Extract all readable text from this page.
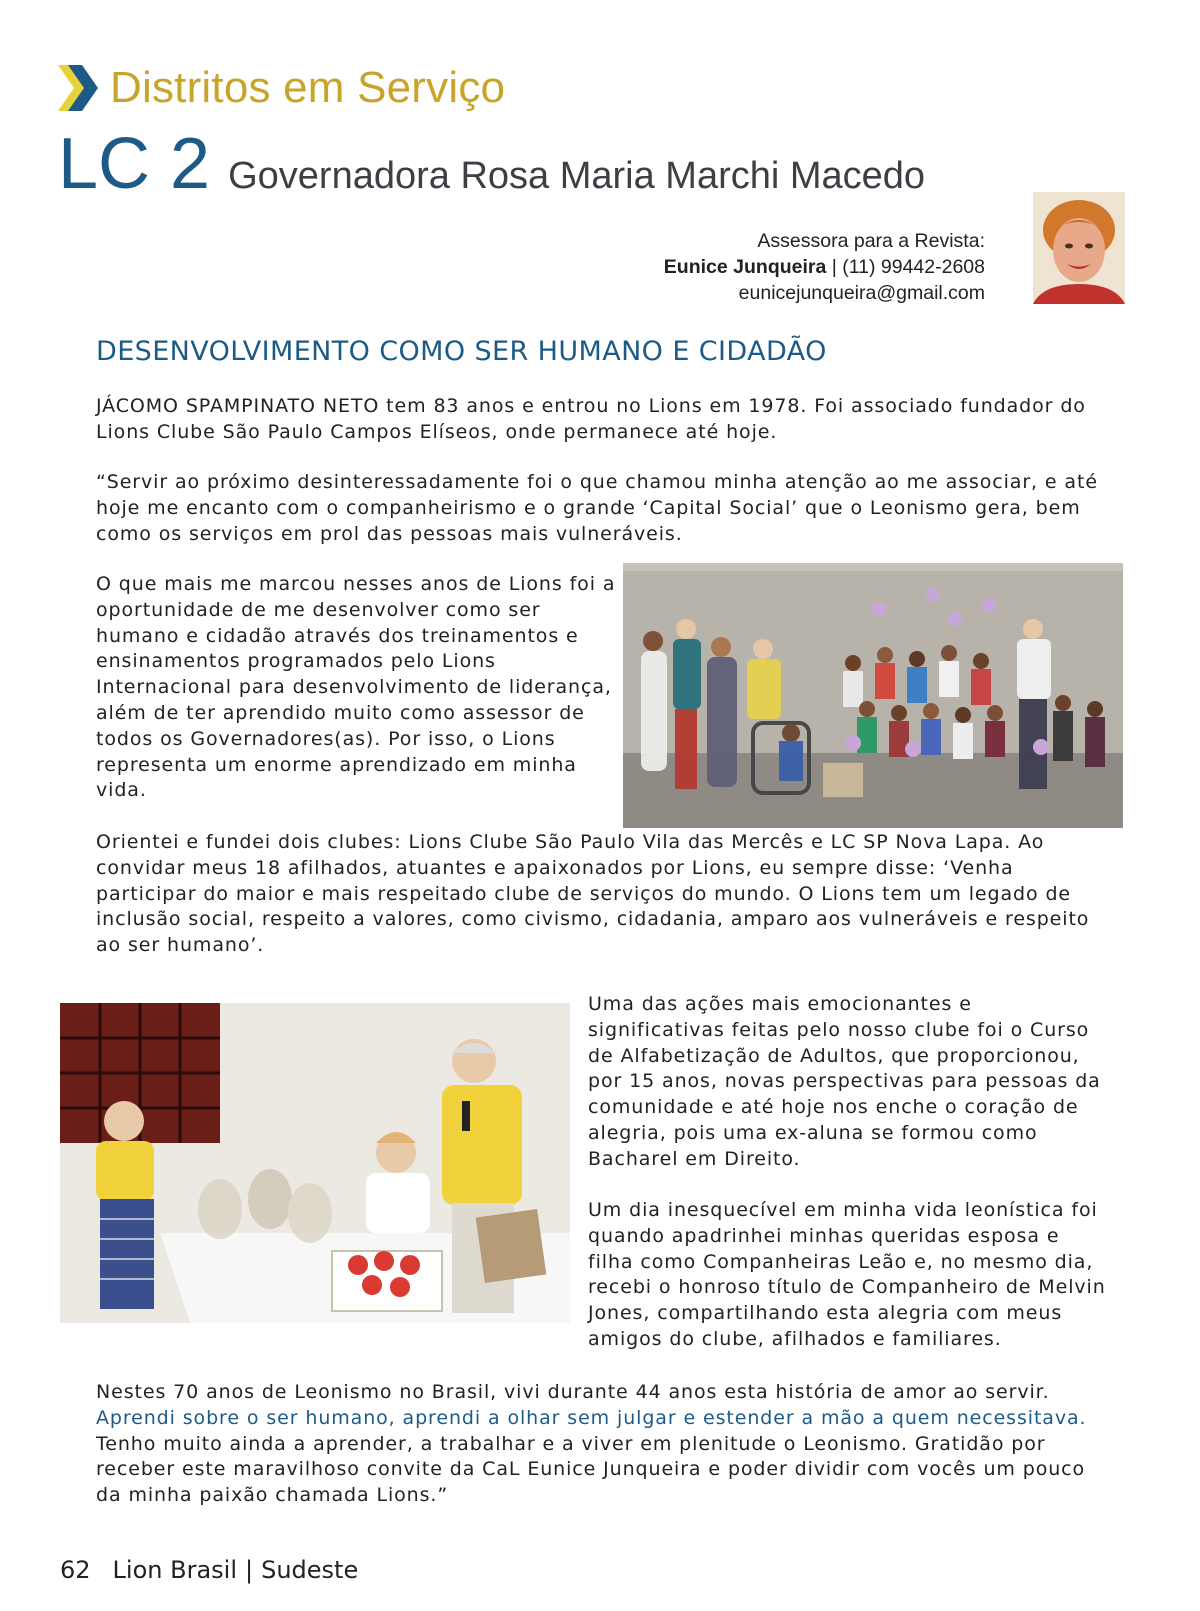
Distritos em Serviço
LC 2 Governadora Rosa Maria Marchi Macedo
Assessora para a Revista:
Eunice Junqueira | (11) 99442-2608
eunicejunqueira@gmail.com
DESENVOLVIMENTO COMO SER HUMANO E CIDADÃO

JÁCOMO SPAMPINATO NETO tem 83 anos e entrou no Lions em 1978. Foi associado fundador do Lions Clube São Paulo Campos Elíseos, onde permanece até hoje.

“Servir ao próximo desinteressadamente foi o que chamou minha atenção ao me associar, e até hoje me encanto com o companheirismo e o grande ‘Capital Social’ que o Leonismo gera, bem como os serviços em prol das pessoas mais vulneráveis.

O que mais me marcou nesses anos de Lions foi a oportunidade de me desenvolver como ser humano e cidadão através dos treinamentos e ensinamentos programados pelo Lions Internacional para desenvolvimento de liderança, além de ter aprendido muito como assessor de todos os Governadores(as). Por isso, o Lions representa um enorme aprendizado em minha vida.

Orientei e fundei dois clubes: Lions Clube São Paulo Vila das Mercês e LC SP Nova Lapa. Ao convidar meus 18 afilhados, atuantes e apaixonados por Lions, eu sempre disse: ‘Venha participar do maior e mais respeitado clube de serviços do mundo. O Lions tem um legado de inclusão social, respeito a valores, como civismo, cidadania, amparo aos vulneráveis e respeito ao ser humano’.

Uma das ações mais emocionantes e significativas feitas pelo nosso clube foi o Curso de Alfabetização de Adultos, que proporcionou, por 15 anos, novas perspectivas para pessoas da comunidade e até hoje nos enche o coração de alegria, pois uma ex-aluna se formou como Bacharel em Direito.

Um dia inesquecível em minha vida leonística foi quando apadrinhei minhas queridas esposa e filha como Companheiras Leão e, no mesmo dia, recebi o honroso título de Companheiro de Melvin Jones, compartilhando esta alegria com meus amigos do clube, afilhados e familiares.

Nestes 70 anos de Leonismo no Brasil, vivi durante 44 anos esta história de amor ao servir.
Aprendi sobre o ser humano, aprendi a olhar sem julgar e estender a mão a quem necessitava.
Tenho muito ainda a aprender, a trabalhar e a viver em plenitude o Leonismo. Gratidão por receber este maravilhoso convite da CaL Eunice Junqueira e poder dividir com vocês um pouco da minha paixão chamada Lions.”

62 Lion Brasil | Sudeste
